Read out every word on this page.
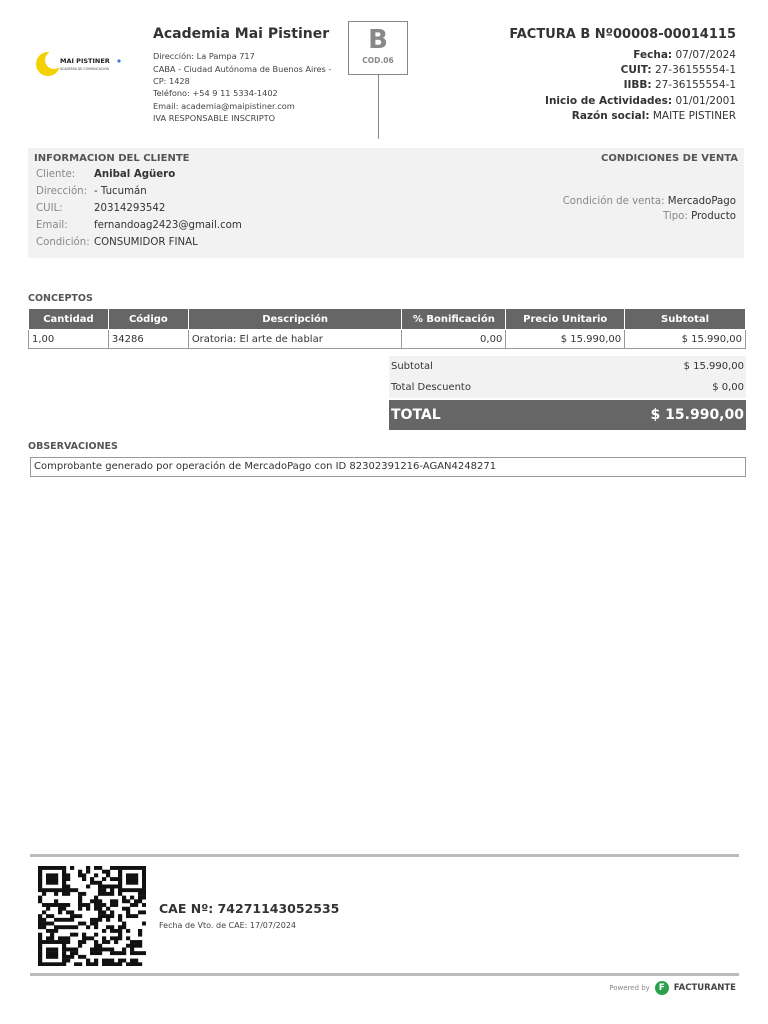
MAI PISTINER
ACADEMIA DE COMUNICACIÓN
Academia Mai Pistiner
Dirección: La Pampa 717
CABA - Ciudad Autónoma de Buenos Aires - CP: 1428
Teléfono: +54 9 11 5334-1402
Email: academia@maipistiner.com
IVA RESPONSABLE INSCRIPTO
B
COD.06
FACTURA B Nº00008-00014115
Fecha: 07/07/2024
CUIT: 27-36155554-1
IIBB: 27-36155554-1
Inicio de Actividades: 01/01/2001
Razón social: MAITE PISTINER
INFORMACION DEL CLIENTE
Cliente: Anibal Agüero
Dirección: - Tucumán
CUIL:	20314293542
Email:	fernandoag2423@gmail.com
Condición: CONSUMIDOR FINAL
CONDICIONES DE VENTA
Condición de venta: MercadoPago
Tipo: Producto
CONCEPTOS
Cantidad	Código	Descripción	% Bonificación	Precio Unitario	Subtotal
1,00	34286	Oratoria: El arte de hablar	0,00	$ 15.990,00	$ 15.990,00
Subtotal	$ 15.990,00
Total Descuento	$ 0,00
TOTAL	$ 15.990,00
OBSERVACIONES
Comprobante generado por operación de MercadoPago con ID 82302391216-AGAN4248271
CAE Nº: 74271143052535
Fecha de Vto. de CAE: 17/07/2024
Powered by F	FACTURANTE
